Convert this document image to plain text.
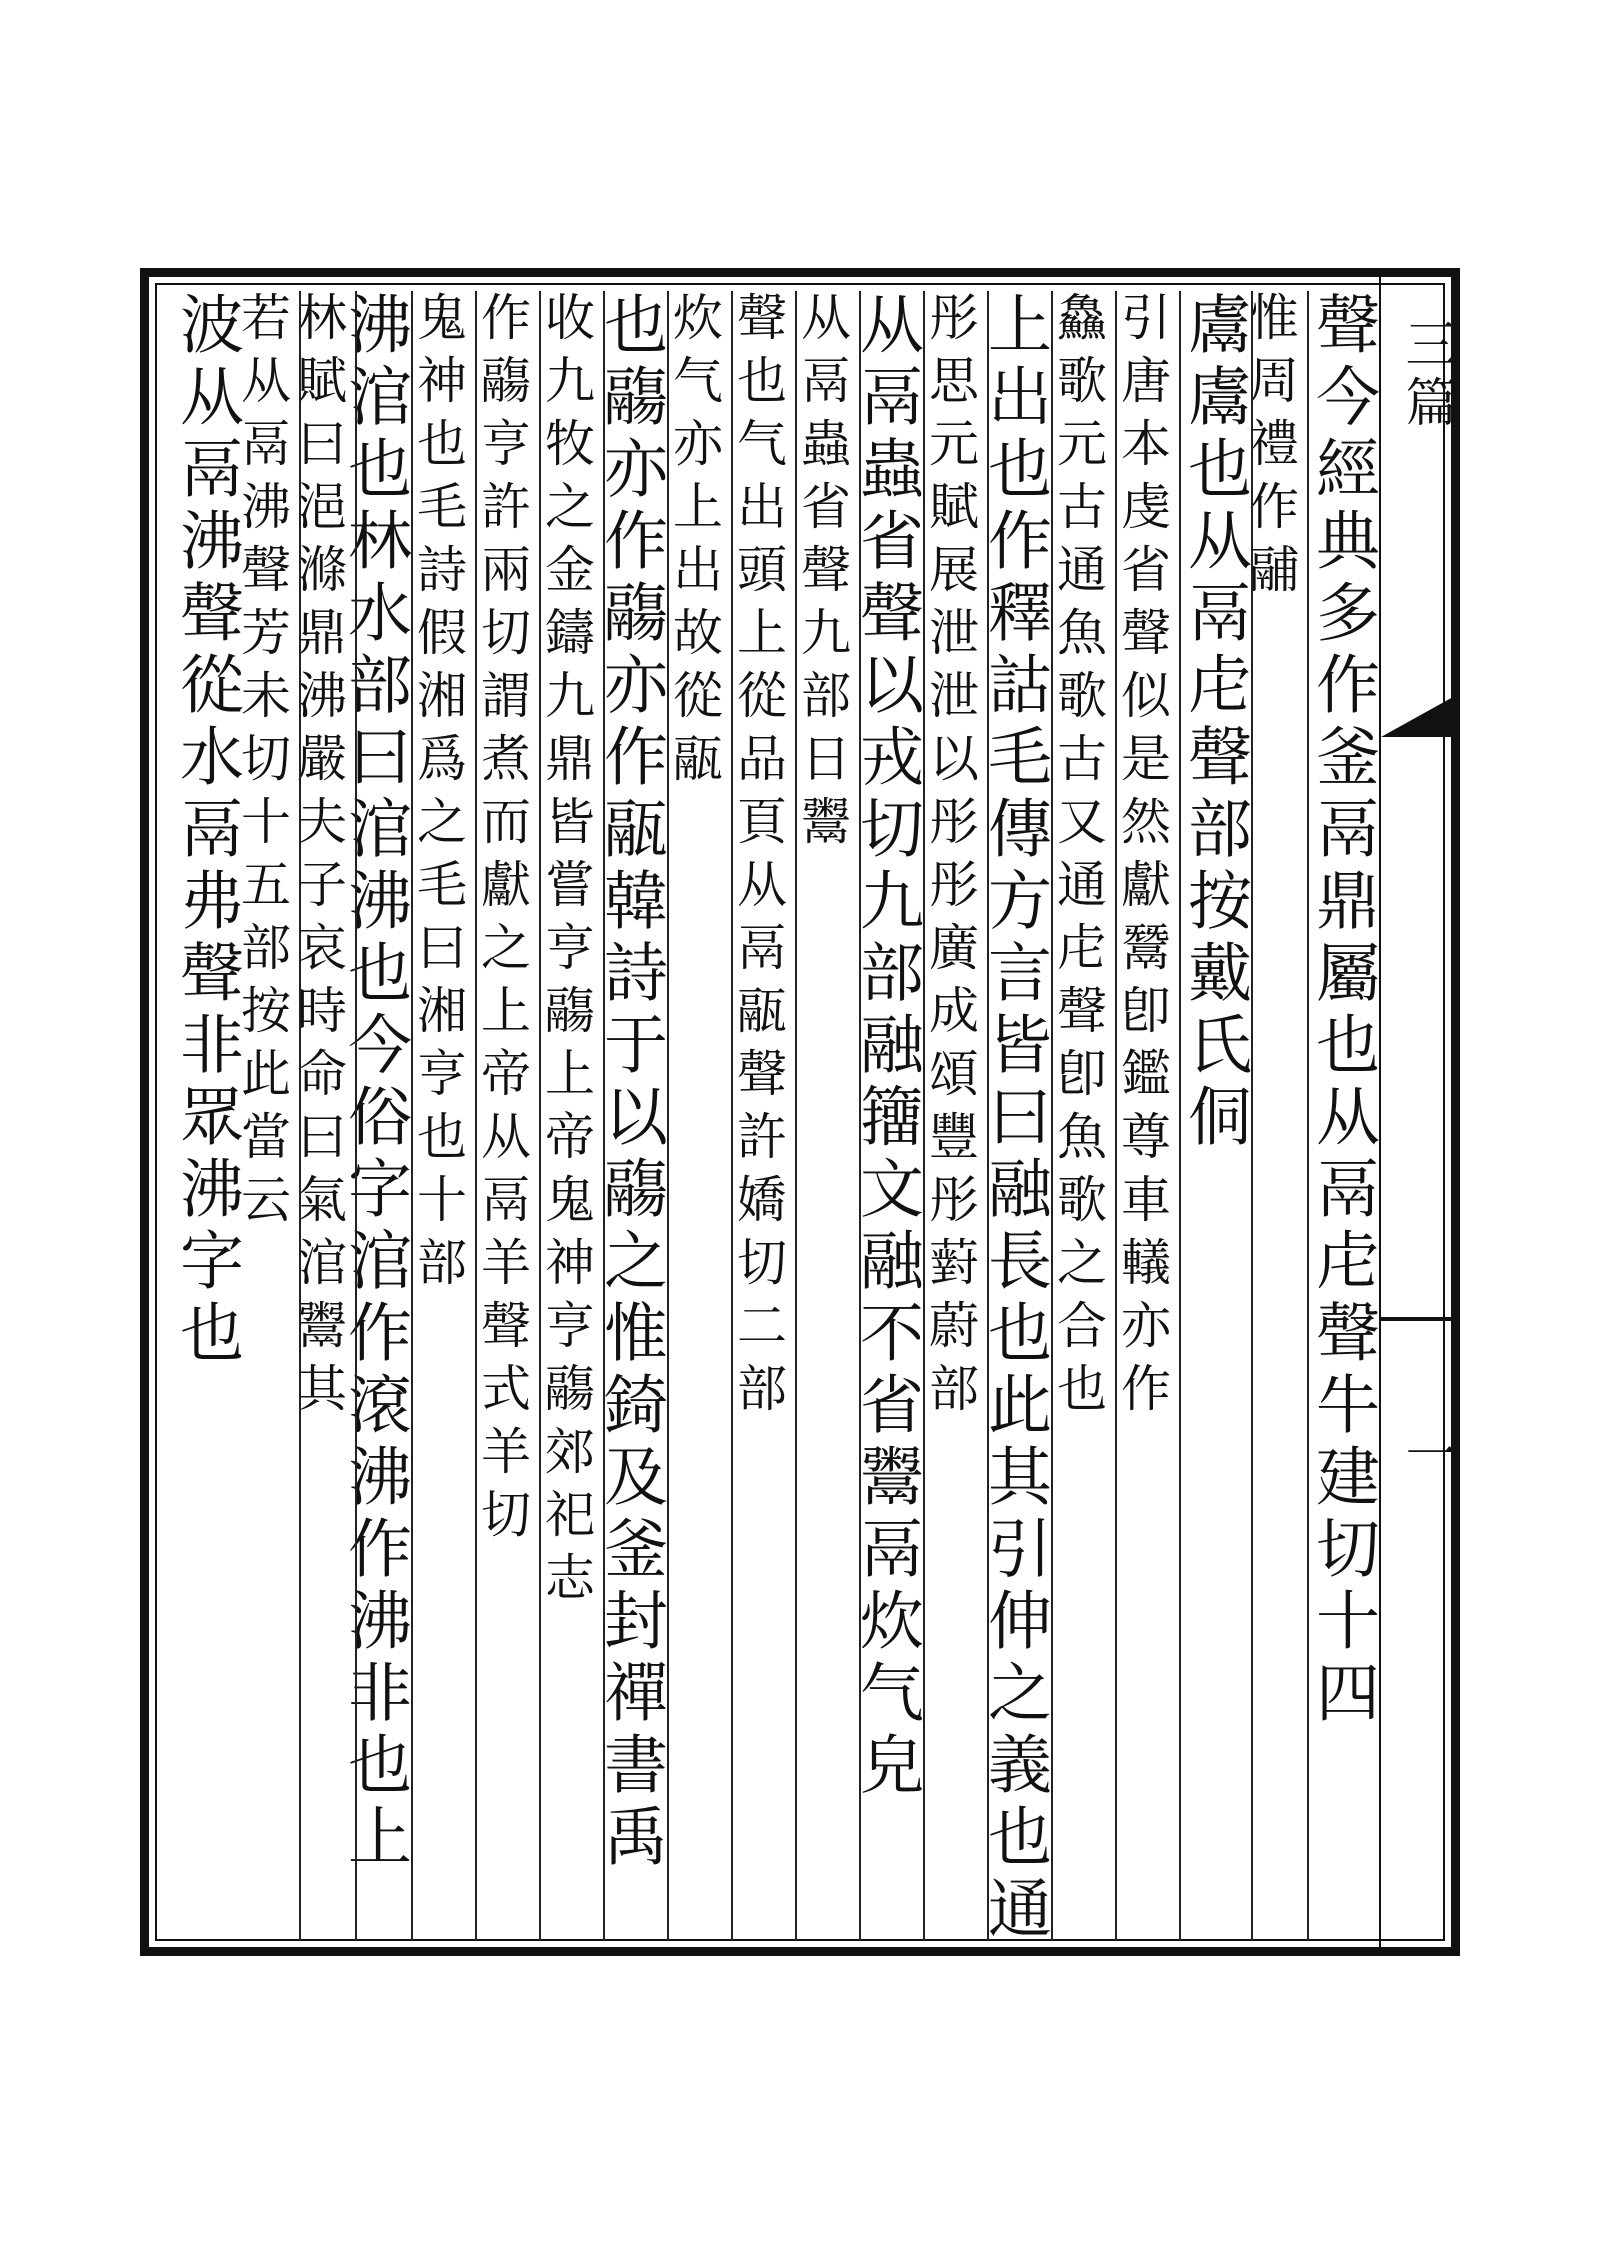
聲今經典多作釜鬲鼎屬也从鬲虍聲牛建切十四
惟周禮作鬴
鬳鬳也从鬲虍聲部按戴氏侗
引唐本虔省聲似是然獻鬵卽鑑尊車轙亦作
鱻歌元古通魚歌古又通虍聲卽魚歌之合也
上出也作釋詁毛傳方言皆曰融長也此其引伸之義也通
彤思元賦展泄泄以彤彤廣成頌豐彤薱蔚部
从鬲蟲省聲以戎切九部融籒文融不省鬻鬲炊气皃
从鬲蟲省聲九部日鬻
聲也气出頭上從品頁从鬲䰛聲許嬌切二部
炊气亦上出故從䰛
也鬺亦作鬺亦作䰛韓詩于以鬺之惟錡及釜封禪書禹
收九牧之金鑄九鼎皆嘗亨鬺上帝鬼神亨鬺郊祀志
作鬺亨許兩切謂煮而獻之上帝从鬲羊聲式羊切
鬼神也毛詩假湘爲之毛曰湘亨也十部
沸涫也林水部曰涫沸也今俗字涫作滾沸作沸非也上
林賦曰浥滌鼎沸嚴夫子哀時命曰氣涫鬻其
若从鬲沸聲芳未切十五部按此當云
波从鬲沸聲從水鬲弗聲非眾沸字也	三篇
一
